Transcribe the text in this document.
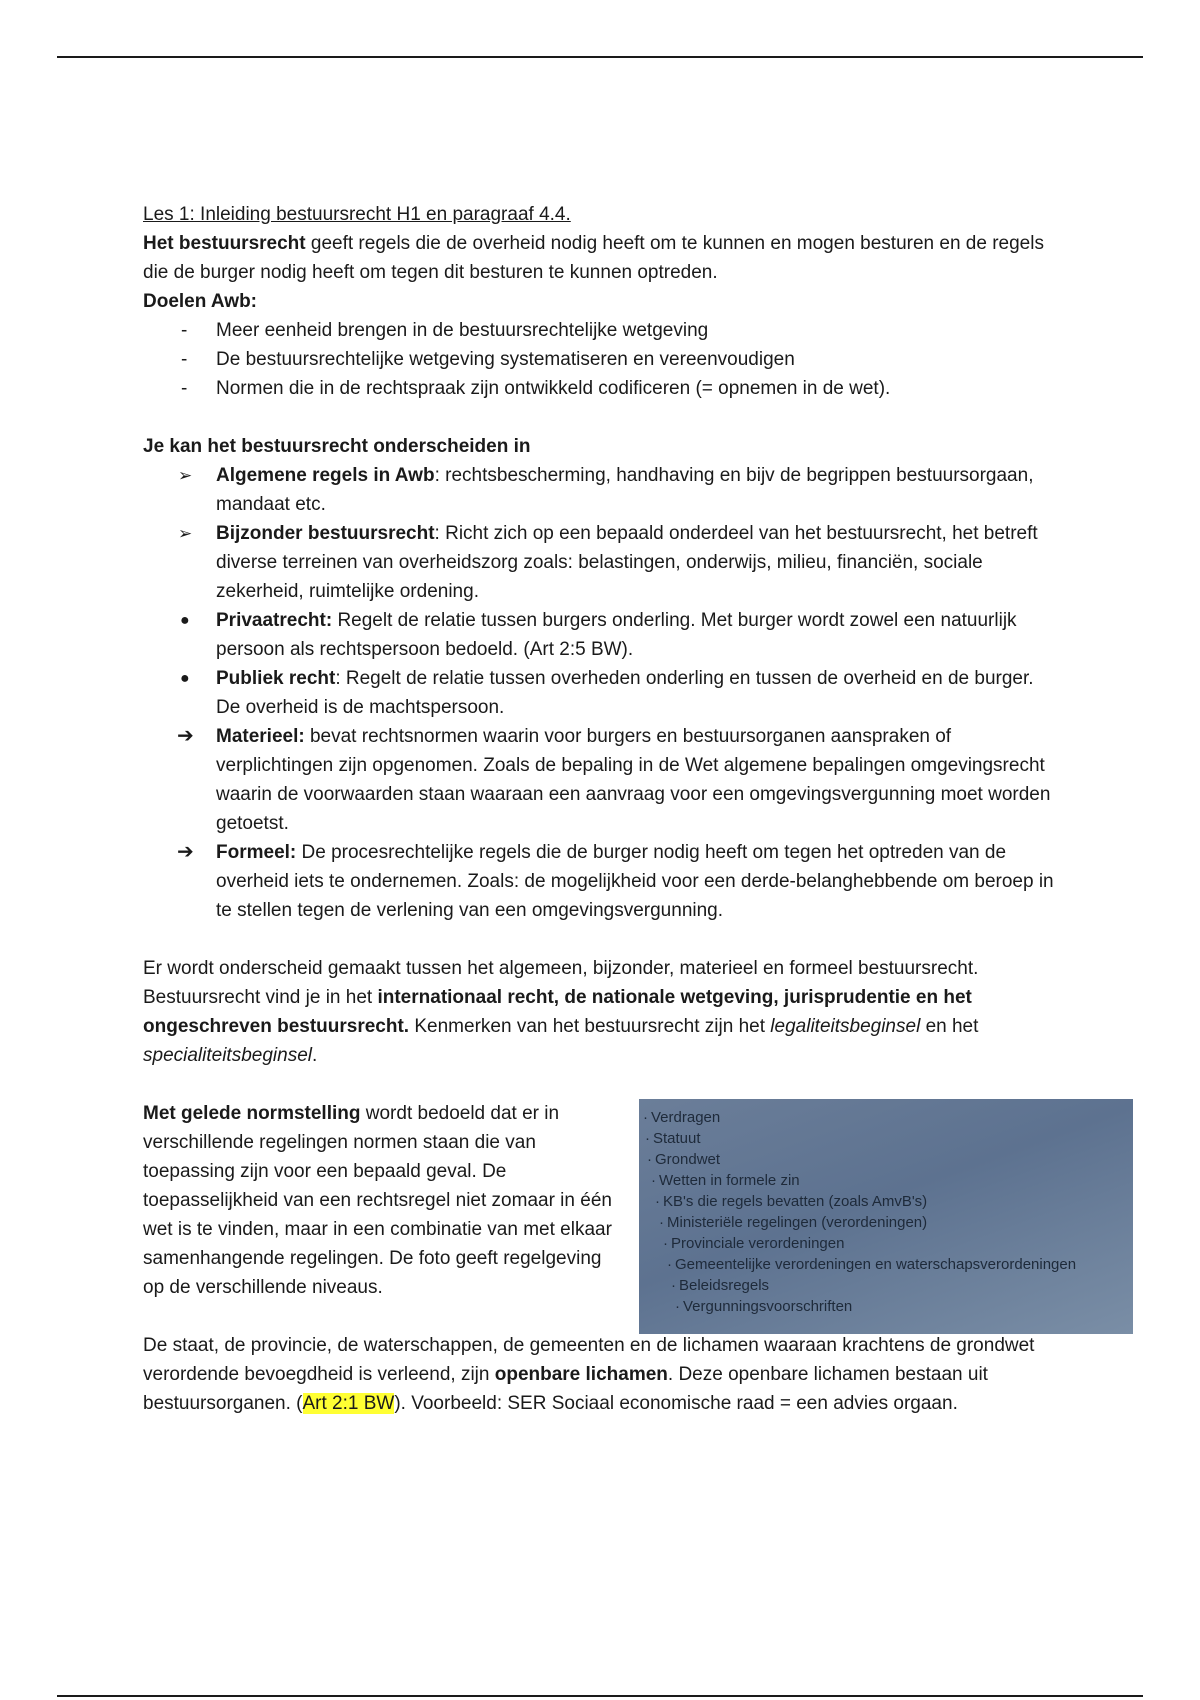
Les 1: Inleiding bestuursrecht H1 en paragraaf 4.4.

Het bestuursrecht geeft regels die de overheid nodig heeft om te kunnen en mogen besturen en de regels die de burger nodig heeft om tegen dit besturen te kunnen optreden.

Doelen Awb:

-	Meer eenheid brengen in de bestuursrechtelijke wetgeving
-	De bestuursrechtelijke wetgeving systematiseren en vereenvoudigen
-	Normen die in de rechtspraak zijn ontwikkeld codificeren (= opnemen in de wet).

Je kan het bestuursrecht onderscheiden in

➢	Algemene regels in Awb: rechtsbescherming, handhaving en bijv de begrippen bestuursorgaan, mandaat etc.
➢	Bijzonder bestuursrecht: Richt zich op een bepaald onderdeel van het bestuursrecht, het betreft diverse terreinen van overheidszorg zoals: belastingen, onderwijs, milieu, financiën, sociale zekerheid, ruimtelijke ordening.
●	Privaatrecht: Regelt de relatie tussen burgers onderling. Met burger wordt zowel een natuurlijk persoon als rechtspersoon bedoeld. (Art 2:5 BW).
●	Publiek recht: Regelt de relatie tussen overheden onderling en tussen de overheid en de burger. De overheid is de machtspersoon.
➔ Materieel: bevat rechtsnormen waarin voor burgers en bestuursorganen aanspraken of verplichtingen zijn opgenomen. Zoals de bepaling in de Wet algemene bepalingen omgevingsrecht waarin de voorwaarden staan waaraan een aanvraag voor een omgevingsvergunning moet worden getoetst.
➔ Formeel: De procesrechtelijke regels die de burger nodig heeft om tegen het optreden van de overheid iets te ondernemen. Zoals: de mogelijkheid voor een derde-belanghebbende om beroep in te stellen tegen de verlening van een omgevingsvergunning.

Er wordt onderscheid gemaakt tussen het algemeen, bijzonder, materieel en formeel bestuursrecht. Bestuursrecht vind je in het internationaal recht, de nationale wetgeving, jurisprudentie en het ongeschreven bestuursrecht. Kenmerken van het bestuursrecht zijn het legaliteitsbeginsel en het specialiteitsbeginsel.

· Verdragen
· Statuut
· Grondwet
· Wetten in formele zin
· KB's die regels bevatten (zoals AmvB's)
· Ministeriële regelingen (verordeningen)
· Provinciale verordeningen
· Gemeentelijke verordeningen en waterschapsverordeningen
· Beleidsregels
· Vergunningsvoorschriften

Met gelede normstelling wordt bedoeld dat er in verschillende regelingen normen staan die van toepassing zijn voor een bepaald geval. De toepasselijkheid van een rechtsregel niet zomaar in één wet is te vinden, maar in een combinatie van met elkaar samenhangende regelingen. De foto geeft regelgeving op de verschillende niveaus.

De staat, de provincie, de waterschappen, de gemeenten en de lichamen waaraan krachtens de grondwet verordende bevoegdheid is verleend, zijn openbare lichamen. Deze openbare lichamen bestaan uit bestuursorganen. (Art 2:1 BW). Voorbeeld: SER Sociaal economische raad = een advies orgaan.
